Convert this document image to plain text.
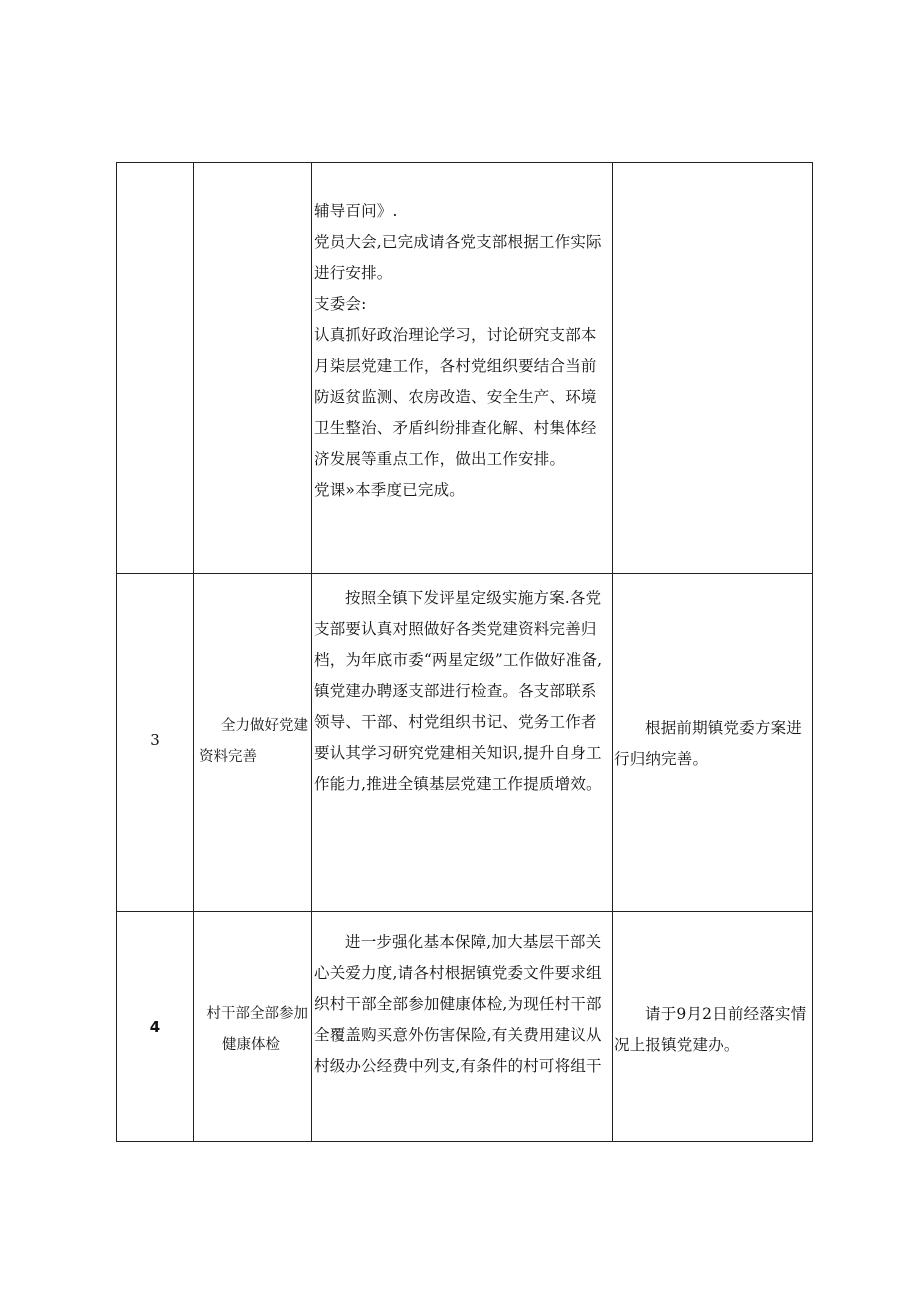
辅导百问》.

党员大会,已完成请各党支部根据工作实际进行安排。

支委会:

认真抓好政治理论学习，讨论研究支部本月柒层党建工作，各村党组织要结合当前防返贫监测、农房改造、安全生产、环境卫生整治、矛盾纠纷排查化解、村集体经济发展等重点工作，做出工作安排。

党课»本季度已完成。

3
全力做好党建
资料完善

按照全镇下发评星定级实施方案.各党支部要认真对照做好各类党建资料完善归档，为年底市委“两星定级”工作做好准备,镇党建办聘逐支部进行检查。各支部联系领导、干部、村党组织书记、党务工作者要认其学习研究党建相关知识,提升自身工作能力,推进全镇基层党建工作提质增效。

根据前期镇党委方案进行归纳完善。

4
村干部全部参加
健康体检

进一步强化基本保障,加大基层干部关心关爱力度,请各村根据镇党委文件要求组织村干部全部参加健康体检,为现任村干部全覆盖购买意外伤害保险,有关费用建议从村级办公经费中列支,有条件的村可将组干

请于9月2日前经落实情况上报镇党建办。
